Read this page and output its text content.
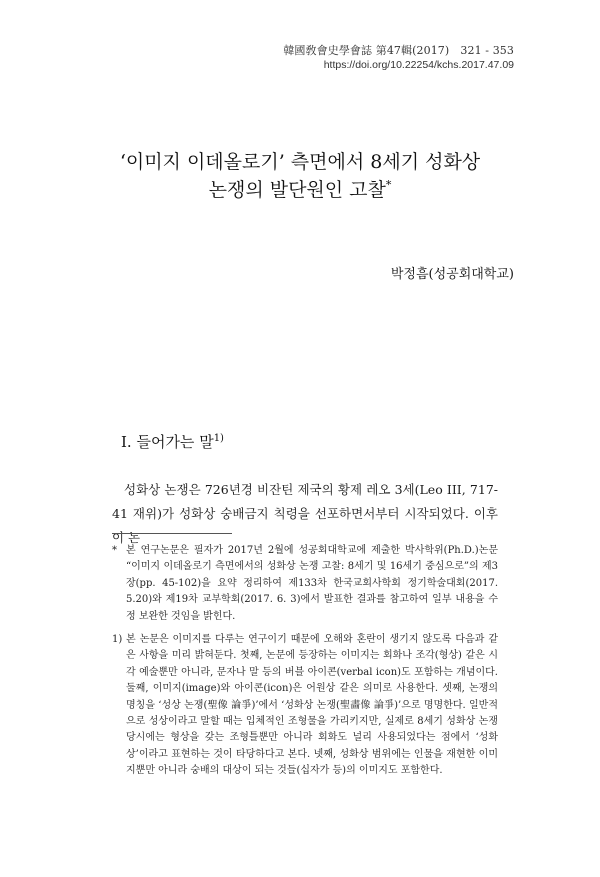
韓國敎會史學會誌 第47輯(2017)　321 - 353
https://doi.org/10.22254/kchs.2017.47.09
‘이미지 이데올로기’ 측면에서 8세기 성화상
논쟁의 발단원인 고찰*
박정흠(성공회대학교)
I. 들어가는 말$^{1)}$
성화상 논쟁은 726년경 비잔틴 제국의 황제 레오 3세(Leo III, 717-41 재위)가 성화상 숭배금지 칙령을 선포하면서부터 시작되었다. 이후 이 논
* 본 연구논문은 필자가 2017년 2월에 성공회대학교에 제출한 박사학위(Ph.D.)논문 “이미지 이데올로기 측면에서의 성화상 논쟁 고찰: 8세기 및 16세기 중심으로”의 제3장(pp. 45-102)을 요약 정리하여 제133차 한국교회사학회 정기학술대회(2017. 5.20)와 제19차 교부학회(2017. 6. 3)에서 발표한 결과를 참고하여 일부 내용을 수정 보완한 것임을 밝힌다.
1) 본 논문은 이미지를 다루는 연구이기 때문에 오해와 혼란이 생기지 않도록 다음과 같은 사항을 미리 밝혀둔다. 첫째, 논문에 등장하는 이미지는 회화나 조각(형상) 같은 시각 예술뿐만 아니라, 문자나 말 등의 버블 아이콘(verbal icon)도 포함하는 개념이다. 둘째, 이미지(image)와 아이콘(icon)은 어원상 같은 의미로 사용한다. 셋째, 논쟁의 명칭을 ‘성상 논쟁(聖像 論爭)’에서 ‘성화상 논쟁(聖畵像 論爭)’으로 명명한다. 일반적으로 성상이라고 말할 때는 입체적인 조형물을 가리키지만, 실제로 8세기 성화상 논쟁 당시에는 형상을 갖는 조형틀뿐만 아니라 회화도 널리 사용되었다는 점에서 ‘성화상’이라고 표현하는 것이 타당하다고 본다. 넷째, 성화상 범위에는 인물을 재현한 이미지뿐만 아니라 숭배의 대상이 되는 것들(십자가 등)의 이미지도 포함한다.
